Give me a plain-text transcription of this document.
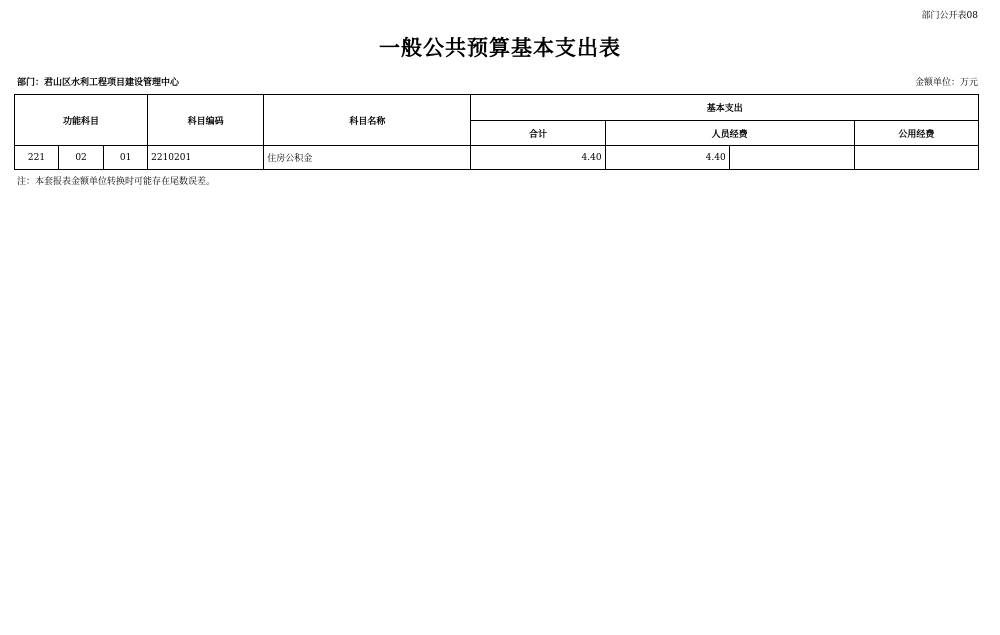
部门公开表08
一般公共预算基本支出表
部门：君山区水利工程项目建设管理中心	金额单位：万元
功能科目			科目编码	科目名称	基本支出			
					合计	人员经费		公用经费
221	02	01	2210201	住房公积金	4.40	4.40		
注：本套报表金额单位转换时可能存在尾数误差。
